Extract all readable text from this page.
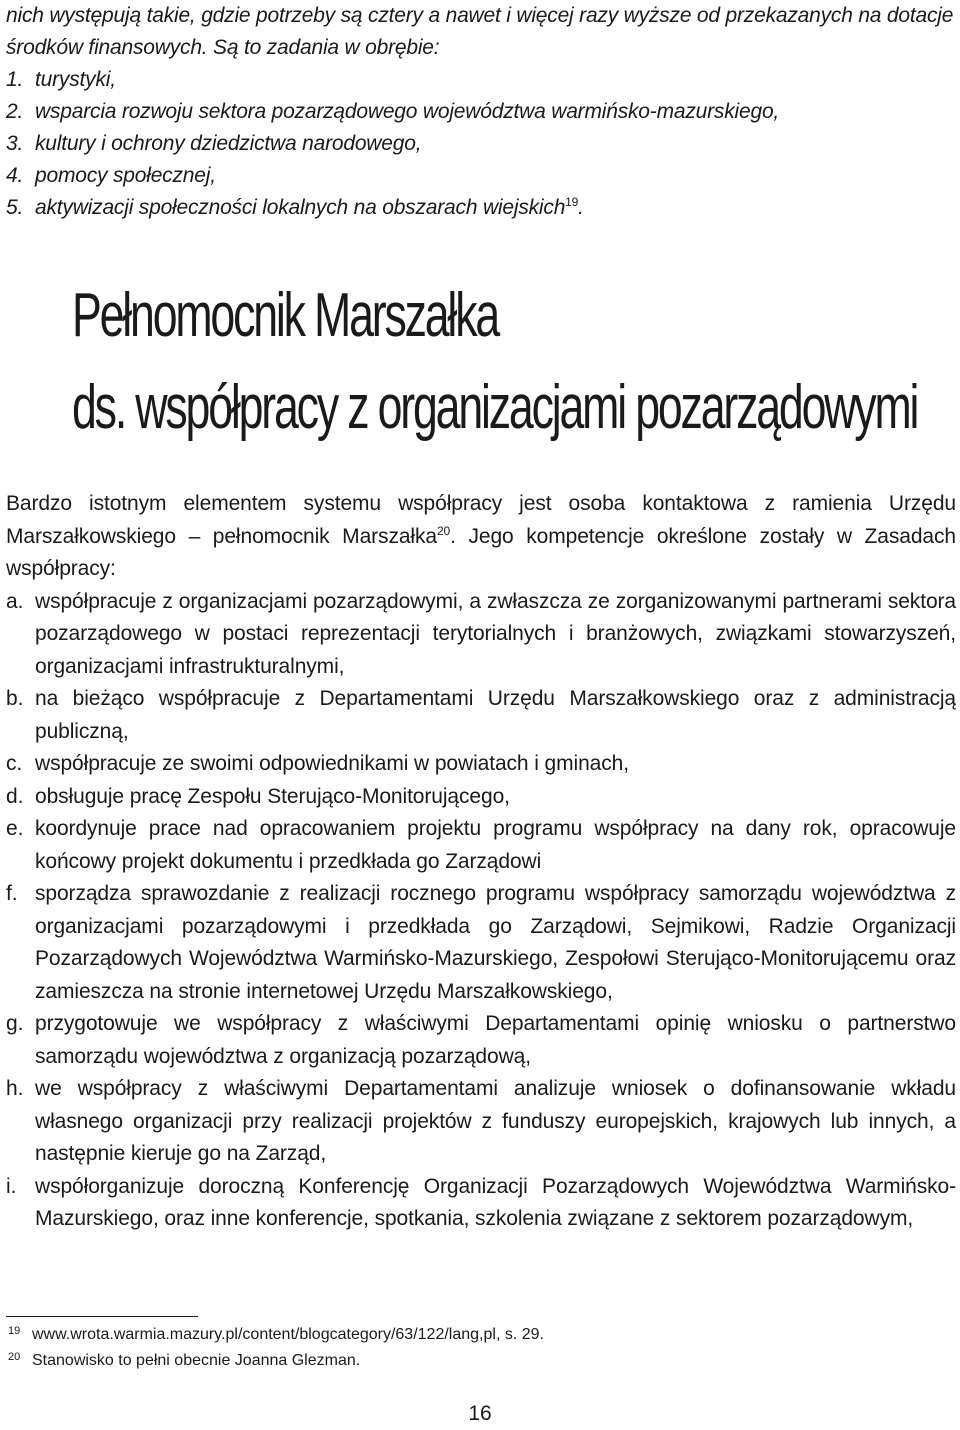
nich występują takie, gdzie potrzeby są cztery a nawet i więcej razy wyższe od przekazanych na dotacje środków finansowych. Są to zadania w obrębie:

1. turystyki,
2. wsparcia rozwoju sektora pozarządowego województwa warmińsko-mazurskiego,
3. kultury i ochrony dziedzictwa narodowego,
4. pomocy społecznej,
5. aktywizacji społeczności lokalnych na obszarach wiejskich$^{19}$.
Pełnomocnik Marszałka
ds. współpracy z organizacjami pozarządowymi

Bardzo istotnym elementem systemu współpracy jest osoba kontaktowa z ramienia Urzędu Marszałkowskiego – pełnomocnik Marszałka$^{20}$. Jego kompetencje określone zostały w Zasadach współpracy:

a. współpracuje z organizacjami pozarządowymi, a zwłaszcza ze zorganizowanymi partnerami sektora pozarządowego w postaci reprezentacji terytorialnych i branżowych, związkami stowarzyszeń, organizacjami infrastrukturalnymi,
b. na bieżąco współpracuje z Departamentami Urzędu Marszałkowskiego oraz z administracją publiczną,
c. współpracuje ze swoimi odpowiednikami w powiatach i gminach,
d. obsługuje pracę Zespołu Sterująco-Monitorującego,
e. koordynuje prace nad opracowaniem projektu programu współpracy na dany rok, opracowuje końcowy projekt dokumentu i przedkłada go Zarządowi
f. sporządza sprawozdanie z realizacji rocznego programu współpracy samorządu województwa z organizacjami pozarządowymi i przedkłada go Zarządowi, Sejmikowi, Radzie Organizacji Pozarządowych Województwa Warmińsko-Mazurskiego, Zespołowi Sterująco-Monitorującemu oraz zamieszcza na stronie internetowej Urzędu Marszałkowskiego,
g. przygotowuje we współpracy z właściwymi Departamentami opinię wniosku o partnerstwo samorządu województwa z organizacją pozarządową,
h. we współpracy z właściwymi Departamentami analizuje wniosek o dofinansowanie wkładu własnego organizacji przy realizacji projektów z funduszy europejskich, krajowych lub innych, a następnie kieruje go na Zarząd,
i. współorganizuje doroczną Konferencję Organizacji Pozarządowych Województwa Warmińsko-Mazurskiego, oraz inne konferencje, spotkania, szkolenia związane z sektorem pozarządowym,
19 www.wrota.warmia.mazury.pl/content/blogcategory/63/122/lang,pl, s. 29.
20 Stanowisko to pełni obecnie Joanna Glezman.
16
